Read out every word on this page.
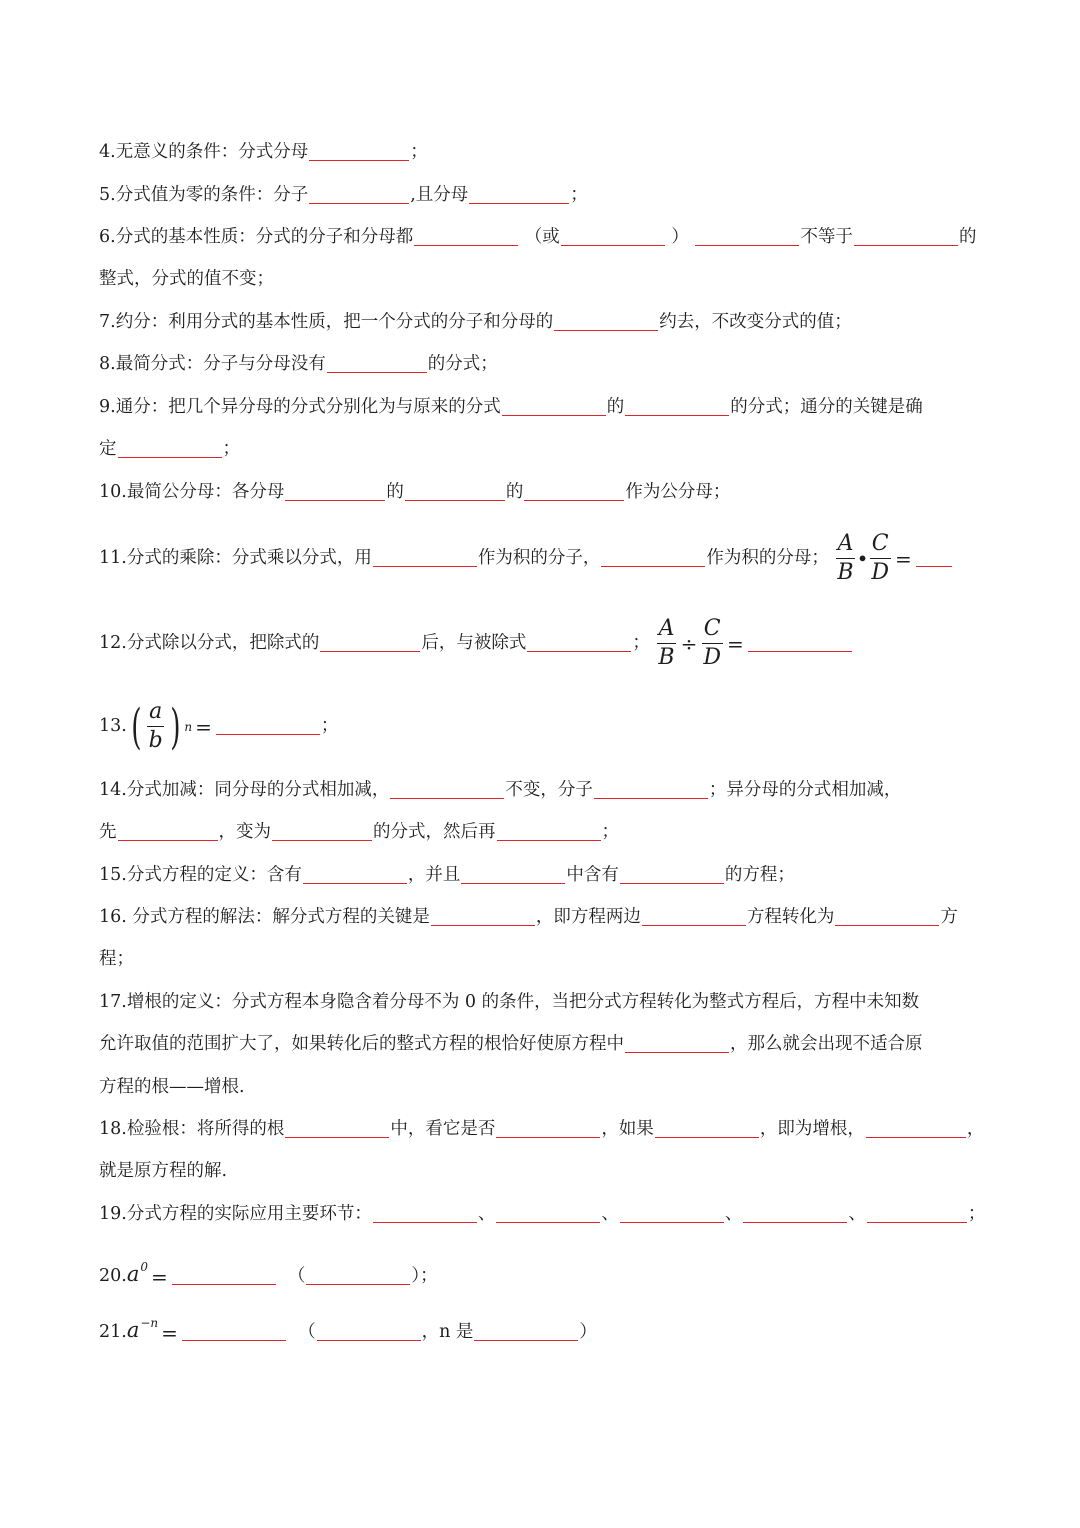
4.无意义的条件：分式分母	；
5.分式值为零的条件：分子	,且分母	；
6.分式的基本性质：分式的分子和分母都	（或	）	不等于	的
整式，分式的值不变；
7.约分：利用分式的基本性质，把一个分式的分子和分母的	约去，不改变分式的值；
8.最简分式：分子与分母没有	的分式；
9.通分：把几个异分母的分式分别化为与原来的分式	的	的分式；通分的关键是确
定	；
10.最简公分母：各分母	的	的	作为公分母；
11.分式的乘除：分式乘以分式，用	作为积的分子，	作为积的分母； $\frac{A}{B}$ • $\frac{C}{D}$ =
12.分式除以分式，把除式的	后，与被除式	； $\frac{A}{B} \div \frac{C}{D}$ =
13. ( $\frac{a}{b}$ ) n =	；
14.分式加减：同分母的分式相加减，	不变，分子	；异分母的分式相加减，
先	，变为	的分式，然后再	；
15.分式方程的定义：含有	，并且	中含有	的方程；
16. 分式方程的解法：解分式方程的关键是	，即方程两边	方程转化为	方
程；
17.增根的定义：分式方程本身隐含着分母不为 0 的条件，当把分式方程转化为整式方程后，方程中未知数
允许取值的范围扩大了，如果转化后的整式方程的根恰好使原方程中	，那么就会出现不适合原
方程的根——增根.
18.检验根：将所得的根	中，看它是否	，如果	，即为增根，	，
就是原方程的解.
19.分式方程的实际应用主要环节：	、	、	、	、	；
$20.a^0$ =	（	）；
$21.a^{-n}$ =	（	，n 是	）
